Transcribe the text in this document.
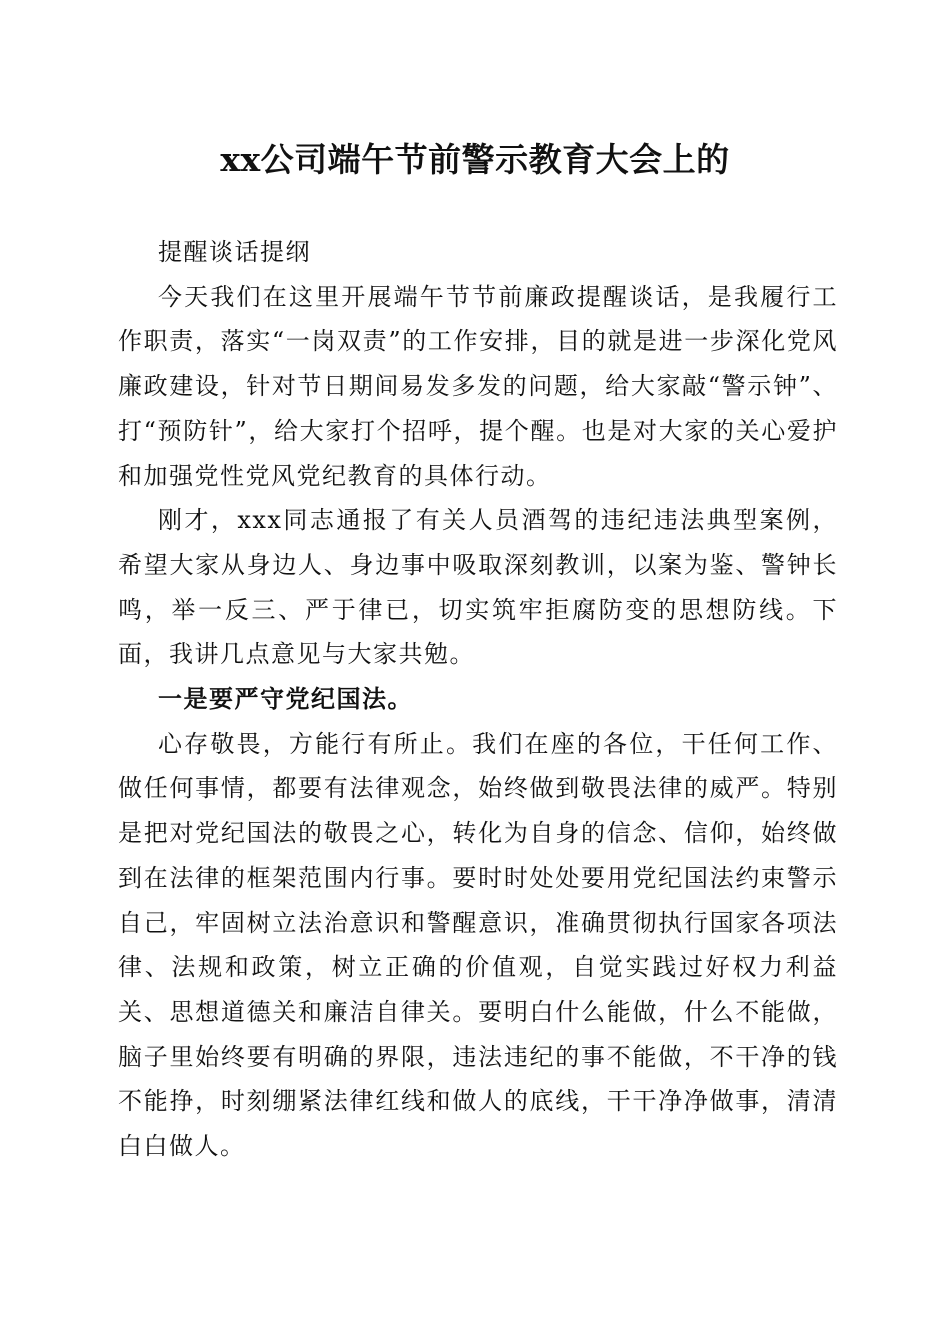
xx公司端午节前警示教育大会上的

提醒谈话提纲

今天我们在这里开展端午节节前廉政提醒谈话，是我履行工作职责，落实“一岗双责”的工作安排，目的就是进一步深化党风廉政建设，针对节日期间易发多发的问题，给大家敲“警示钟”、打“预防针”，给大家打个招呼，提个醒。也是对大家的关心爱护和加强党性党风党纪教育的具体行动。

刚才，xxx同志通报了有关人员酒驾的违纪违法典型案例，希望大家从身边人、身边事中吸取深刻教训，以案为鉴、警钟长鸣，举一反三、严于律已，切实筑牢拒腐防变的思想防线。下面，我讲几点意见与大家共勉。

一是要严守党纪国法。

心存敬畏，方能行有所止。我们在座的各位，干任何工作、做任何事情，都要有法律观念，始终做到敬畏法律的威严。特别是把对党纪国法的敬畏之心，转化为自身的信念、信仰，始终做到在法律的框架范围内行事。要时时处处要用党纪国法约束警示自己，牢固树立法治意识和警醒意识，准确贯彻执行国家各项法律、法规和政策，树立正确的价值观，自觉实践过好权力利益关、思想道德关和廉洁自律关。要明白什么能做，什么不能做，脑子里始终要有明确的界限，违法违纪的事不能做，不干净的钱不能挣，时刻绷紧法律红线和做人的底线，干干净净做事，清清白白做人。
